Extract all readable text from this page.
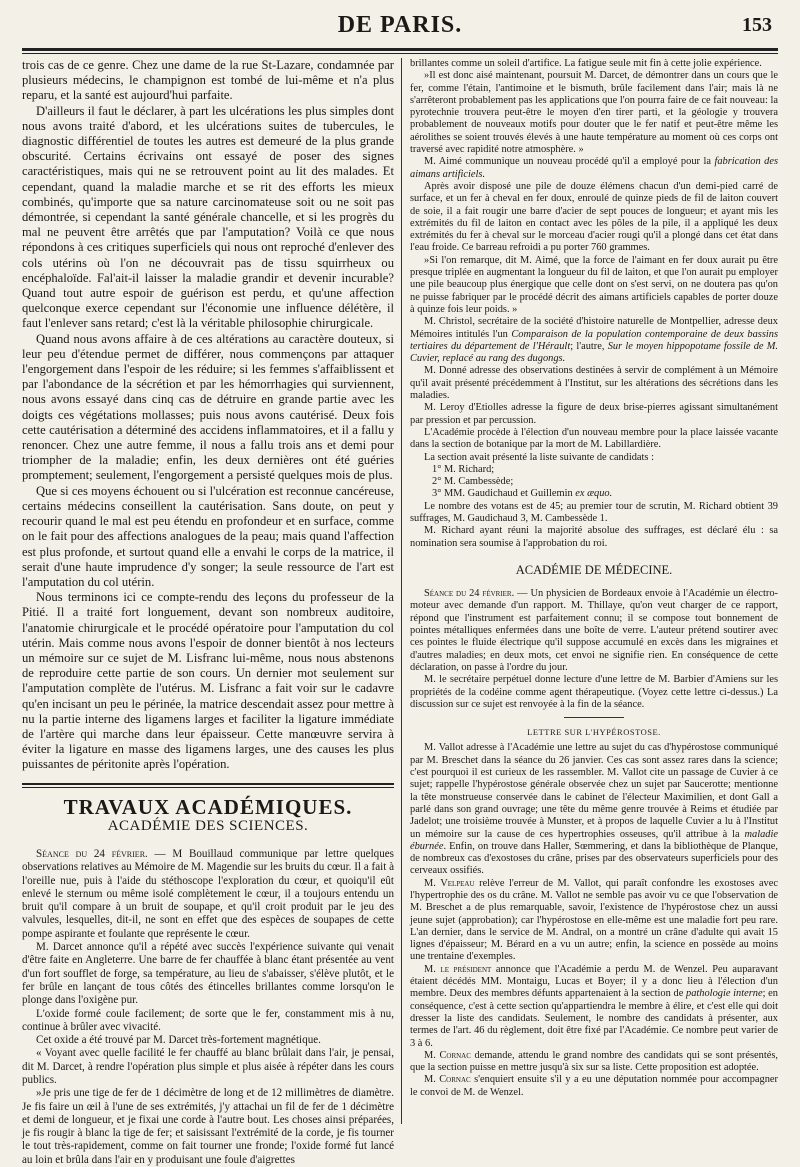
DE PARIS.	153

trois cas de ce genre. Chez une dame de la rue St-Lazare, condamnée par plusieurs médecins, le champignon est tombé de lui-même et n'a plus reparu, et la santé est aujourd'hui parfaite.

D'ailleurs il faut le déclarer, à part les ulcérations les plus simples dont nous avons traité d'abord, et les ulcérations suites de tubercules, le diagnostic différentiel de toutes les autres est demeuré de la plus grande obscurité. Certains écrivains ont essayé de poser des signes caractéristiques, mais qui ne se retrouvent point au lit des malades. Et cependant, quand la maladie marche et se rit des efforts les mieux combinés, qu'importe que sa nature carcinomateuse soit ou ne soit pas démontrée, si cependant la santé générale chancelle, et si les progrès du mal ne peuvent être arrêtés que par l'amputation? Voilà ce que nous répondons à ces critiques superficiels qui nous ont reproché d'enlever des cols utérins où l'on ne découvrait pas de tissu squirrheux ou encéphaloïde. Fal'ait-il laisser la maladie grandir et devenir incurable? Quand tout autre espoir de guérison est perdu, et qu'une affection quelconque exerce cependant sur l'économie une influence délétère, il faut l'enlever sans retard; c'est là la véritable philosophie chirurgicale.

Quand nous avons affaire à de ces altérations au caractère douteux, si leur peu d'étendue permet de différer, nous commençons par attaquer l'engorgement dans l'espoir de les réduire; si les femmes s'affaiblissent et par l'abondance de la sécrétion et par les hémorrhagies qui surviennent, nous avons essayé dans cinq cas de détruire en grande partie avec les doigts ces végétations mollasses; puis nous avons cautérisé. Deux fois cette cautérisation a déterminé des accidens inflammatoires, et il a fallu y renoncer. Chez une autre femme, il nous a fallu trois ans et demi pour triompher de la maladie; enfin, les deux dernières ont été guéries promptement; seulement, l'engorgement a persisté quelques mois de plus.

Que si ces moyens échouent ou si l'ulcération est reconnue cancéreuse, certains médecins conseillent la cautérisation. Sans doute, on peut y recourir quand le mal est peu étendu en profondeur et en surface, comme on le fait pour des affections analogues de la peau; mais quand l'affection est plus profonde, et surtout quand elle a envahi le corps de la matrice, il serait d'une haute imprudence d'y songer; la seule ressource de l'art est l'amputation du col utérin.

Nous terminons ici ce compte-rendu des leçons du professeur de la Pitié. Il a traité fort longuement, devant son nombreux auditoire, l'anatomie chirurgicale et le procédé opératoire pour l'amputation du col utérin. Mais comme nous avons l'espoir de donner bientôt à nos lecteurs un mémoire sur ce sujet de M. Lisfranc lui-même, nous nous abstenons de reproduire cette partie de son cours. Un dernier mot seulement sur l'amputation complète de l'utérus. M. Lisfranc a fait voir sur le cadavre qu'en incisant un peu le périnée, la matrice descendait assez pour mettre à nu la partie interne des ligamens larges et faciliter la ligature immédiate de l'artère qui marche dans leur épaisseur. Cette manœuvre servira à éviter la ligature en masse des ligamens larges, une des causes les plus puissantes de péritonite après l'opération.

TRAVAUX ACADÉMIQUES.
ACADÉMIE DES SCIENCES.

Séance du 24 février. — M Bouillaud communique par lettre quelques observations relatives au Mémoire de M. Magendie sur les bruits du cœur. Il a fait à l'oreille nue, puis à l'aide du stéthoscope l'exploration du cœur, et quoiqu'il eût enlevé le sternum ou même isolé complètement le cœur, il a toujours entendu un bruit qu'il compare à un bruit de soupape, et qu'il croit produit par le jeu des valvules, lesquelles, dit-il, ne sont en effet que des espèces de soupapes de cette pompe aspirante et foulante que représente le cœur.

M. Darcet annonce qu'il a répété avec succès l'expérience suivante qui venait d'être faite en Angleterre. Une barre de fer chauffée à blanc étant présentée au vent d'un fort soufflet de forge, sa température, au lieu de s'abaisser, s'élève plutôt, et le fer brûle en lançant de tous côtés des étincelles brillantes comme lorsqu'on le plonge dans l'oxigène pur.

L'oxide formé coule facilement; de sorte que le fer, constamment mis à nu, continue à brûler avec vivacité.

Cet oxide a été trouvé par M. Darcet très-fortement magnétique.

« Voyant avec quelle facilité le fer chauffé au blanc brûlait dans l'air, je pensai, dit M. Darcet, à rendre l'opération plus simple et plus aisée à répéter dans les cours publics.

»Je pris une tige de fer de 1 décimètre de long et de 12 millimètres de diamètre. Je fis faire un œil à l'une de ses extrémités, j'y attachai un fil de fer de 1 décimètre et demi de longueur, et je fixai une corde à l'autre bout. Les choses ainsi préparées, je fis rougir à blanc la tige de fer; et saisissant l'extrémité de la corde, je fis tourner le tout très-rapidement, comme on fait tourner une fronde; l'oxide formé fut lancé au loin et brûla dans l'air en y produisant une foule d'aigrettes

brillantes comme un soleil d'artifice. La fatigue seule mit fin à cette jolie expérience.

»Il est donc aisé maintenant, poursuit M. Darcet, de démontrer dans un cours que le fer, comme l'étain, l'antimoine et le bismuth, brûle facilement dans l'air; mais là ne s'arrêteront probablement pas les applications que l'on pourra faire de ce fait nouveau: la pyrotechnie trouvera peut-être le moyen d'en tirer parti, et la géologie y trouvera probablement de nouveaux motifs pour douter que le fer natif et peut-être même les aérolithes se soient trouvés élevés à une haute température au moment où ces corps ont traversé avec rapidité notre atmosphère. »

M. Aimé communique un nouveau procédé qu'il a employé pour la fabrication des aimans artificiels.

Après avoir disposé une pile de douze élémens chacun d'un demi-pied carré de surface, et un fer à cheval en fer doux, enroulé de quinze pieds de fil de laiton couvert de soie, il a fait rougir une barre d'acier de sept pouces de longueur; et ayant mis les extrémités du fil de laiton en contact avec les pôles de la pile, il a appliqué les deux extrémités du fer à cheval sur le morceau d'acier rougi qu'il a plongé dans cet état dans l'eau froide. Ce barreau refroidi a pu porter 760 grammes.

»Si l'on remarque, dit M. Aimé, que la force de l'aimant en fer doux aurait pu être presque triplée en augmentant la longueur du fil de laiton, et que l'on aurait pu employer une pile beaucoup plus énergique que celle dont on s'est servi, on ne doutera pas qu'on ne puisse fabriquer par le procédé décrit des aimans artificiels capables de porter douze à quinze fois leur poids. »

M. Christol, secrétaire de la société d'histoire naturelle de Montpellier, adresse deux Mémoires intitulés l'un Comparaison de la population contemporaine de deux bassins tertiaires du département de l'Hérault; l'autre, Sur le moyen hippopotame fossile de M. Cuvier, replacé au rang des dugongs.

M. Donné adresse des observations destinées à servir de complément à un Mémoire qu'il avait présenté précédemment à l'Institut, sur les altérations des sécrétions dans les maladies.

M. Leroy d'Etiolles adresse la figure de deux brise-pierres agissant simultanément par pression et par percussion.

L'Académie procède à l'élection d'un nouveau membre pour la place laissée vacante dans la section de botanique par la mort de M. Labillardière.

La section avait présenté la liste suivante de candidats :

1° M. Richard;
2° M. Cambessède;
3° MM. Gaudichaud et Guillemin ex æquo.

Le nombre des votans est de 45; au premier tour de scrutin, M. Richard obtient 39 suffrages, M. Gaudichaud 3, M. Cambessède 1.

M. Richard ayant réuni la majorité absolue des suffrages, est déclaré élu : sa nomination sera soumise à l'approbation du roi.

ACADÉMIE DE MÉDECINE.

Séance du 24 février. — Un physicien de Bordeaux envoie à l'Académie un électro-moteur avec demande d'un rapport. M. Thillaye, qu'on veut charger de ce rapport, répond que l'instrument est parfaitement connu; il se compose tout bonnement de pointes métalliques enfermées dans une boîte de verre. L'auteur prétend soutirer avec ces pointes le fluide électrique qu'il suppose accumulé en excès dans les migraines et d'autres maladies; en deux mots, cet envoi ne signifie rien. En conséquence de cette déclaration, on passe à l'ordre du jour.

M. le secrétaire perpétuel donne lecture d'une lettre de M. Barbier d'Amiens sur les propriétés de la codéine comme agent thérapeutique. (Voyez cette lettre ci-dessus.) La discussion sur ce sujet est renvoyée à la fin de la séance.

LETTRE SUR L'HYPÉROSTOSE.

M. Vallot adresse à l'Académie une lettre au sujet du cas d'hypérostose communiqué par M. Breschet dans la séance du 26 janvier. Ces cas sont assez rares dans la science; c'est pourquoi il est curieux de les rassembler. M. Vallot cite un passage de Cuvier à ce sujet; rappelle l'hypérostose générale observée chez un sujet par Saucerotte; mentionne la tête monstrueuse conservée dans le cabinet de l'électeur Maximilien, et dont Gall a parlé dans son grand ouvrage; une tête du même genre trouvée à Reims et étudiée par Jadelot; une troisième trouvée à Munster, et à propos de laquelle Cuvier a lu à l'Institut un mémoire sur la cause de ces hypertrophies osseuses, qu'il attribue à la maladie éburnée. Enfin, on trouve dans Haller, Sœmmering, et dans la bibliothèque de Planque, de nombreux cas d'exostoses du crâne, prises par des observateurs superficiels pour des cerveaux ossifiés.

M. Velpeau relève l'erreur de M. Vallot, qui paraît confondre les exostoses avec l'hypertrophie des os du crâne. M. Vallot ne semble pas avoir vu ce que l'observation de M. Breschet a de plus remarquable, savoir, l'existence de l'hypérostose chez un aussi jeune sujet (approbation); car l'hypérostose en elle-même est une maladie fort peu rare. L'an dernier, dans le service de M. Andral, on a montré un crâne d'adulte qui avait 15 lignes d'épaisseur; M. Bérard en a vu un autre; enfin, la science en possède au moins une trentaine d'exemples.

M. le président annonce que l'Académie a perdu M. de Wenzel. Peu auparavant étaient décédés MM. Montaigu, Lucas et Boyer; il y a donc lieu à l'élection d'un membre. Deux des membres défunts appartenaient à la section de pathologie interne; en conséquence, c'est à cette section qu'appartiendra le membre à élire, et c'est elle qui doit dresser la liste des candidats. Seulement, le nombre des candidats à présenter, aux termes de l'art. 46 du règlement, doit être fixé par l'Académie. Ce nombre peut varier de 3 à 6.

M. Cornac demande, attendu le grand nombre des candidats qui se sont présentés, que la section puisse en mettre jusqu'à six sur sa liste. Cette proposition est adoptée.

M. Cornac s'enquiert ensuite s'il y a eu une députation nommée pour accompagner le convoi de M. de Wenzel.
